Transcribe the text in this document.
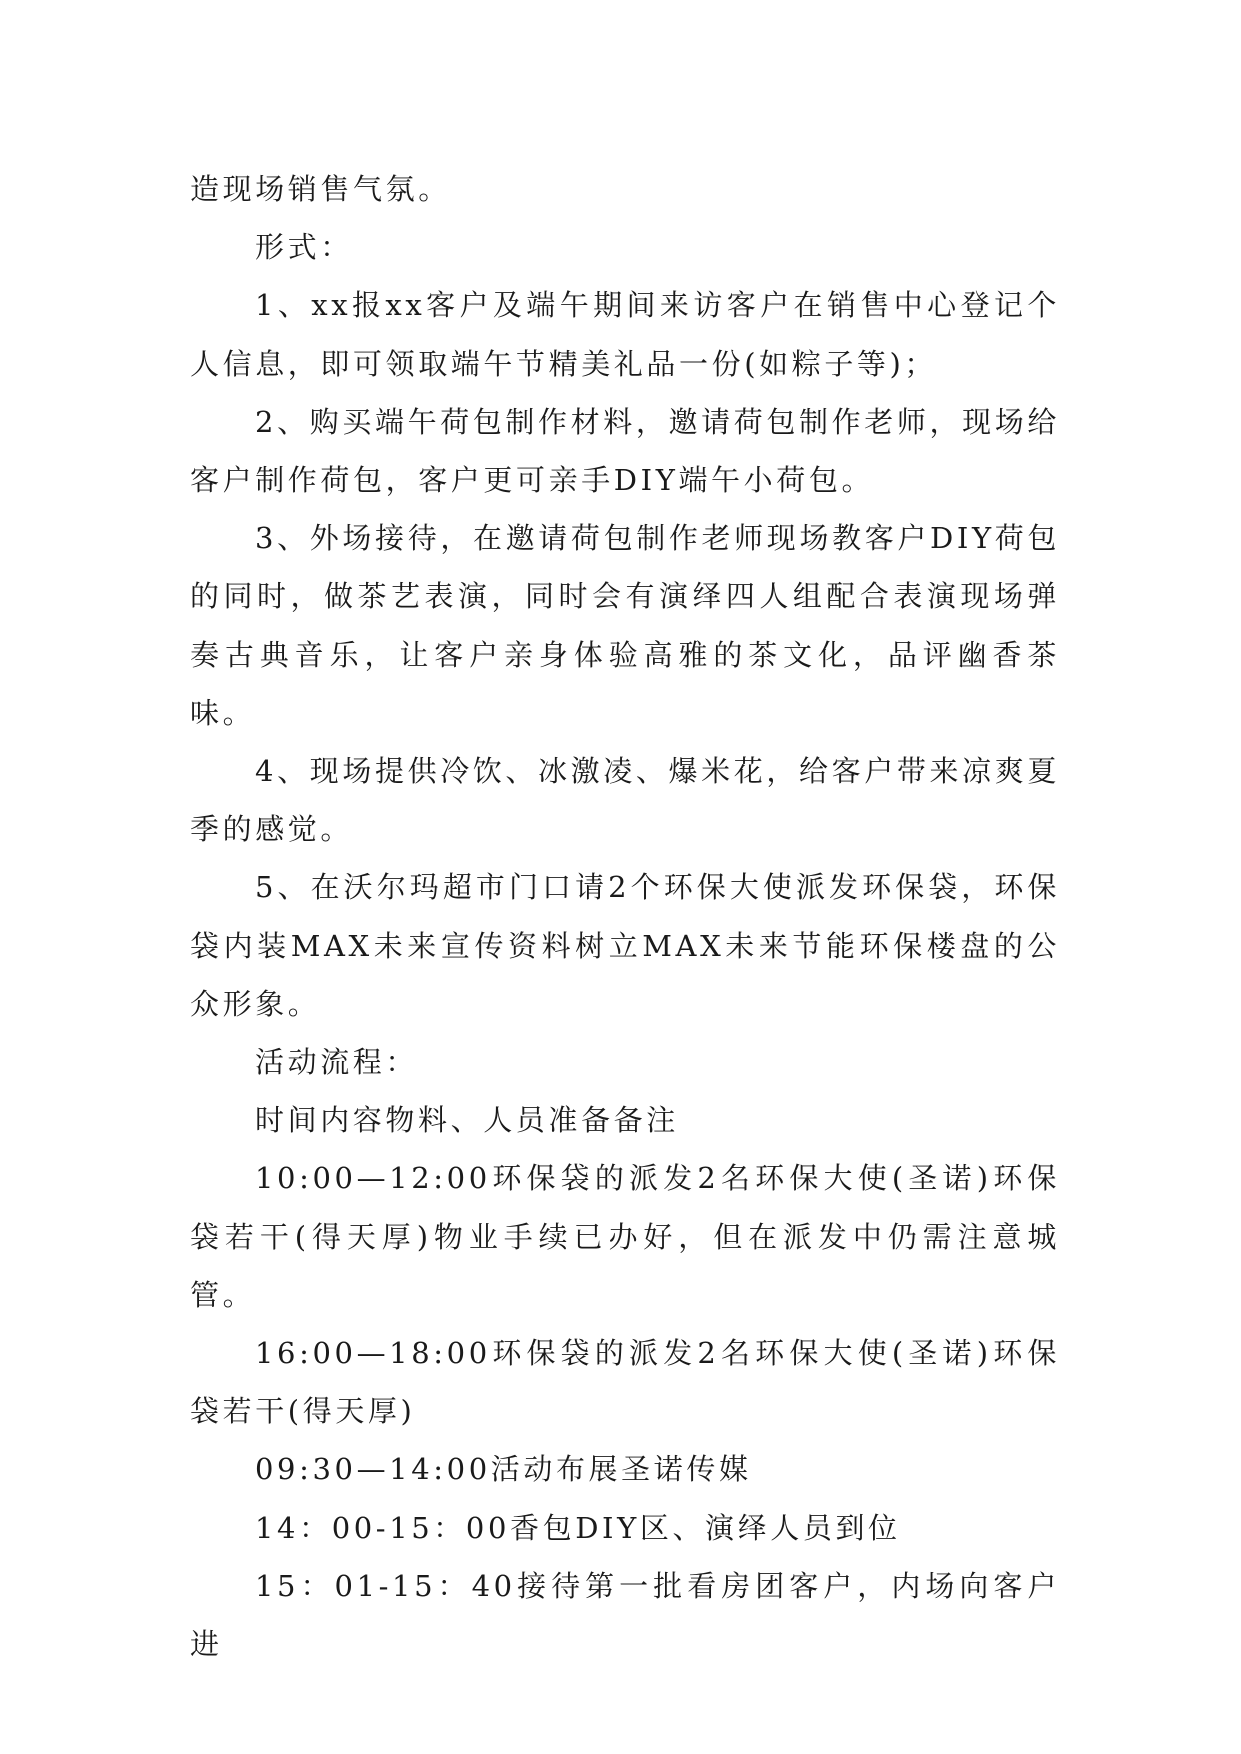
造现场销售气氛。

形式：

1、xx报xx客户及端午期间来访客户在销售中心登记个人信息，即可领取端午节精美礼品一份(如粽子等)；

2、购买端午荷包制作材料，邀请荷包制作老师，现场给客户制作荷包，客户更可亲手DIY端午小荷包。

3、外场接待，在邀请荷包制作老师现场教客户DIY荷包的同时，做茶艺表演，同时会有演绎四人组配合表演现场弹奏古典音乐，让客户亲身体验高雅的茶文化，品评幽香茶味。

4、现场提供冷饮、冰激凌、爆米花，给客户带来凉爽夏季的感觉。

5、在沃尔玛超市门口请2个环保大使派发环保袋，环保袋内装MAX未来宣传资料树立MAX未来节能环保楼盘的公众形象。

活动流程：

时间内容物料、人员准备备注

10:00—12:00环保袋的派发2名环保大使(圣诺)环保袋若干(得天厚)物业手续已办好，但在派发中仍需注意城管。

16:00—18:00环保袋的派发2名环保大使(圣诺)环保袋若干(得天厚)

09:30—14:00活动布展圣诺传媒

14：00-15：00香包DIY区、演绎人员到位

15：01-15：40接待第一批看房团客户，内场向客户进
